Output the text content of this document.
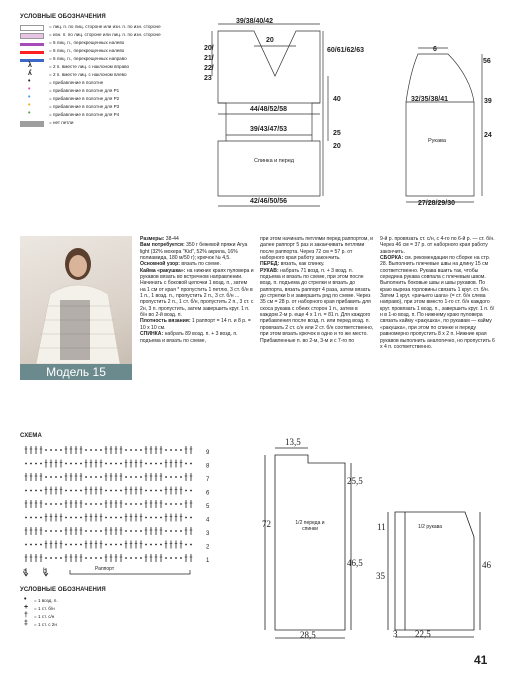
УСЛОВНЫЕ ОБОЗНАЧЕНИЯ
= лиц. п. по лиц. стороне или изн. п. по изн. стороне
= изн. п. по лиц. стороне или лиц. п. по изн. стороне
= 5 лиц. п., перекрещенных налево
= 6 лиц. п., перекрещенных налево
= 6 лиц. п., перекрещенных направо
λ	= 2 п. вместе лиц. с наклоном вправо
λ	= 2 п. вместе лиц. с наклоном влево
•	= прибавление в полотне
•	= прибавление в полотне для Р1
•	= прибавление в полотне для Р2
•	= прибавление в полотне для Р3
•	= прибавление в полотне для Р4
= нет петли
39/38/40/42
20
20/
21/
22/
23
60/61/62/63
44/48/52/58
39/43/47/53
40
25
20
Спинка и перед
42/46/50/56
6
56
32/35/38/41	39
Рукава
24
27/28/29/30
Модель 15

Размеры: 38-44

Вам потребуется: 350 г бежевой пряжи Arya light (32% мохера "Kid", 52% акрила, 16% полиамида, 180 м/50 г); крючок № 4,5.

Основной узор: вязать по схеме.

Кайма «ракушка»: на нижних краях пуловера и рукавов вязать во встречном направлении. Начинать с боковой цепочки 1 возд. п., затем на 1 см от края * пропустить 1 петлю, 3 ст. б/н в 1 п., 1 возд. п., пропустить 2 п., 3 ст. б/н ... пропустить 2 п., 1 ст. б/н, пропустить 2 п., 3 ст. с 2н, 3 п. пропустить, затем завершить круг. 1 п. б/н во 2-й возд. п.

Плотность вязания: 1 раппорт = 14 п. и 8 р. = 10 х 10 см.

СПИНКА: набрать 89 возд. п. + 3 возд. п. подъема и вязать по схеме,

при этом начинать петлями перед раппортом, и далее раппорт 5 раз и заканчивать петлями после раппорта. Через 72 см = 57 р. от наборного края работу закончить.

ПЕРЕД: вязать, как спинку.

РУКАВ: набрать 71 возд. п. + 3 возд. п. подъема и вязать по схеме, при этом после возд. п. подъема до стрелки и вязать до раппорта, вязать раппорт 4 раза, затем вязать до стрелки b и завершить ряд по схеме. Через 35 см = 28 р. от наборного края прибавить для скоса рукава с обеих сторон 1 п., затем в каждом 2-м р. еще 4 х 1 п. = 81 п. Для каждого прибавления после возд. п. или перед возд. п. провязать 2 ст. с/н или 2 ст. б/н соответственно, при этом вязать крючок в одно и то же место. Прибавленные п. во 2-м, 3-м и с 7-го по

9-й р. провязать ст. с/н, с 4-го по 6-й р. — ст. б/н. Через 46 см = 37 р. от наборного края работу закончить.

СБОРКА: см. рекомендации по сборке на стр. 28. Выполнить плечевые швы на длину 15 см соответственно. Рукава вшить так, чтобы середина рукава совпала с плечевым швом. Выполнить боковые швы и швы рукавов. По краю выреза горловины связать 1 круг. ст. б/н. Затем 1 круг. «рачьего шага» (= ст. б/н слева направо), при этом вместо 1-го ст. б/н каждого круг. провязать 1 возд. п., завершить круг. 1 п. б/н в 1-ю возд. п. По нижнему краю пуловера связать кайму «ракушка», по рукавам — кайму «ракушка», при этом по спинке и переду равномерно пропустить 8 х 2 п. Нижние края рукавов выполнить аналогично, но пропустить 6 х 4 п. соответственно.

СХЕМА
9
8
7
6
5
4
3
2
1
Раппорт
a b
УСЛОВНЫЕ ОБОЗНАЧЕНИЯ
• = 1 возд. п.
+ = 1 ст. б/н
† = 1 ст. с/н
‡ = 1 ст. с 2н
13,5
25,5
72	1/2 переда и спинки
46,5
28,5
11	1/2 рукава
46
35
3 22,5
41
